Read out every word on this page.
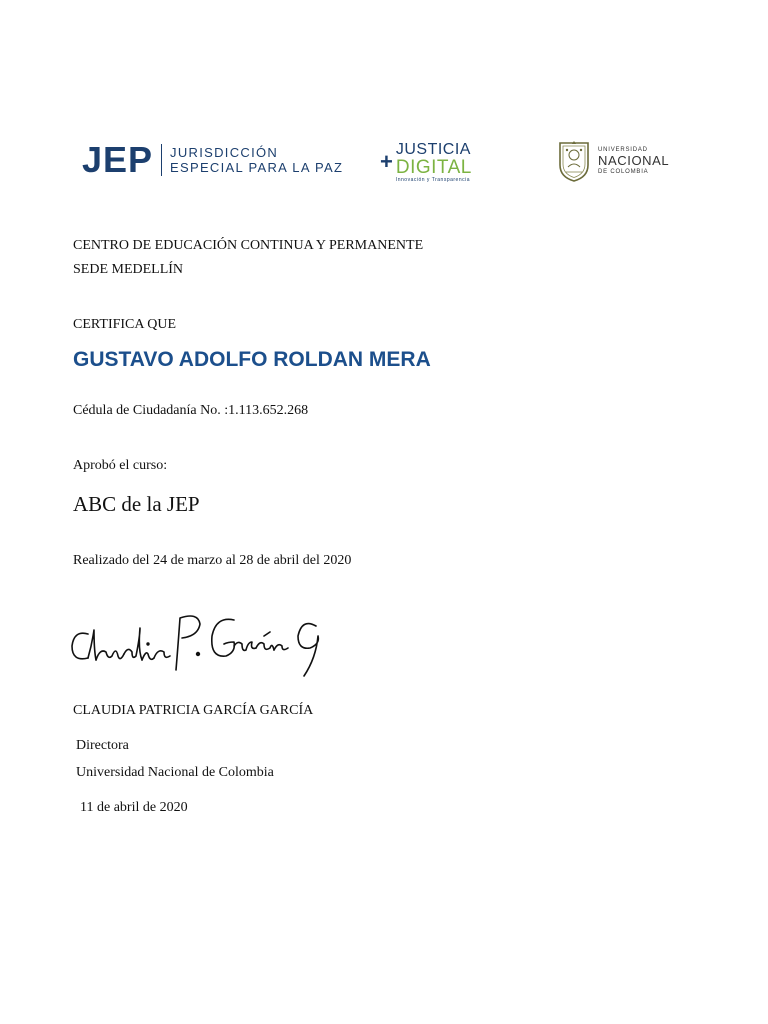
JEP JURISDICCIÓN
ESPECIAL PARA LA PAZ + JUSTICIA
DIGITAL
Innovación y Transparencia
UNIVERSIDAD
NACIONAL
DE COLOMBIA
CENTRO DE EDUCACIÓN CONTINUA Y PERMANENTE
SEDE MEDELLÍN
CERTIFICA QUE
GUSTAVO ADOLFO ROLDAN MERA
Cédula de Ciudadanía No. :1.113.652.268
Aprobó el curso:
ABC de la JEP
Realizado del 24 de marzo al 28 de abril del 2020
CLAUDIA PATRICIA GARCÍA GARCÍA
Directora
Universidad Nacional de Colombia
11 de abril de 2020
